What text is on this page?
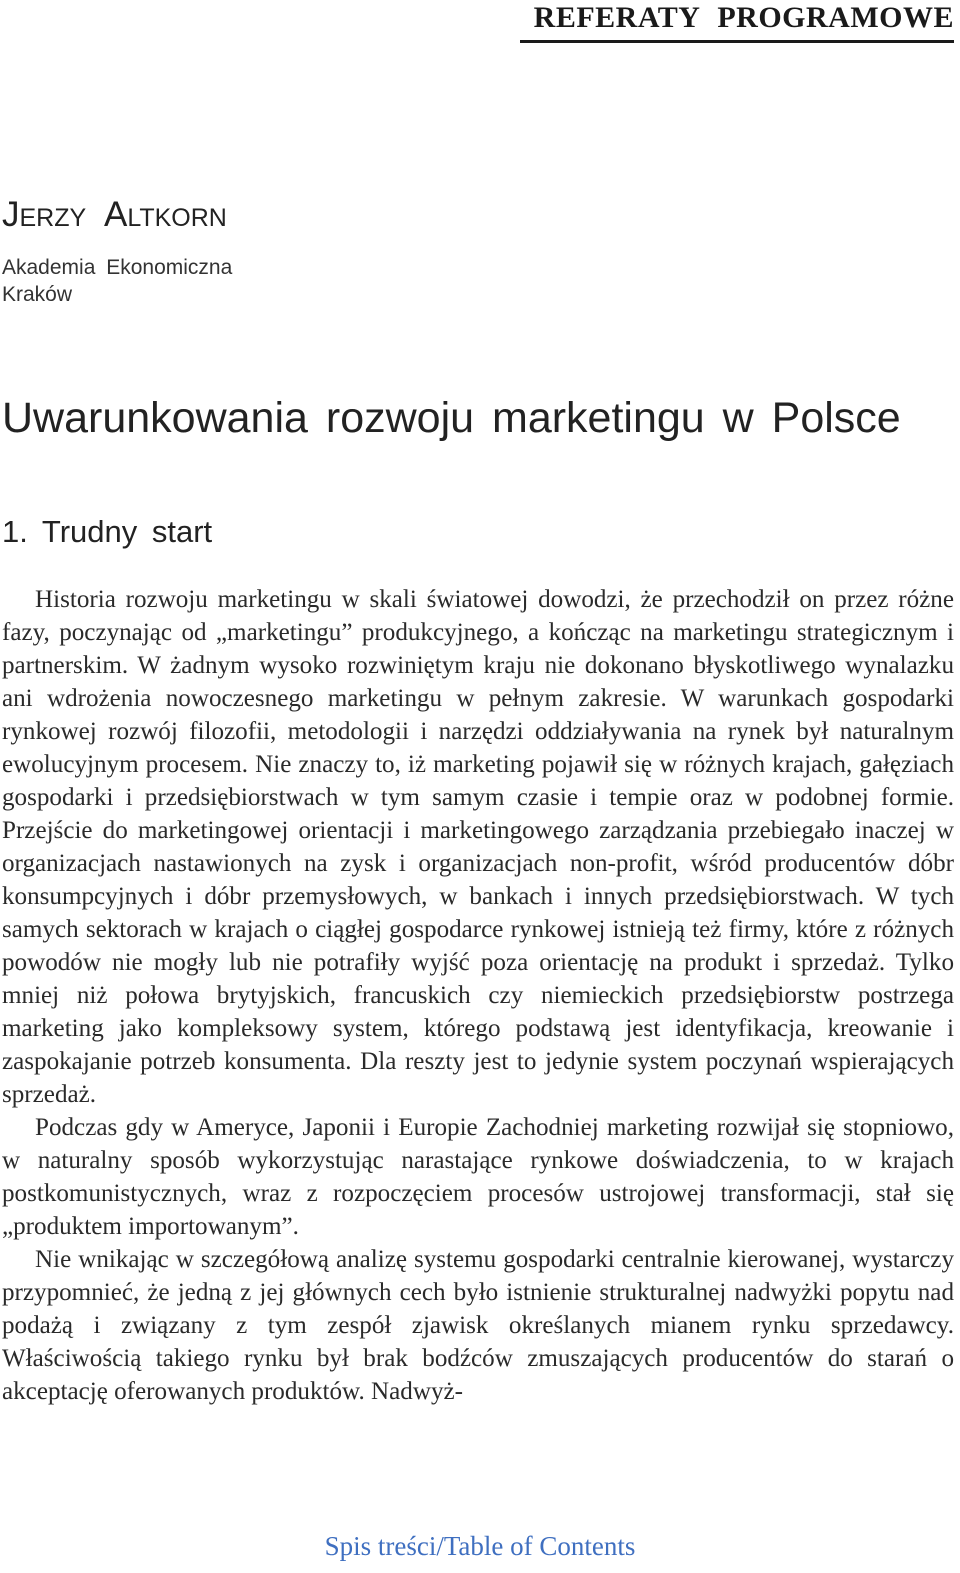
REFERATY PROGRAMOWE
Jerzy Altkorn
Akademia Ekonomiczna
Kraków
Uwarunkowania rozwoju marketingu w Polsce
1. Trudny start

Historia rozwoju marketingu w skali światowej dowodzi, że przechodził on przez różne fazy, poczynając od „marketingu” produkcyjnego, a kończąc na marketingu strategicznym i partnerskim. W żadnym wysoko rozwiniętym kraju nie dokonano błyskotliwego wynalazku ani wdrożenia nowoczesnego marketingu w pełnym zakresie. W warunkach gospodarki rynkowej rozwój filozofii, metodologii i narzędzi oddziaływania na rynek był naturalnym ewolucyjnym procesem. Nie znaczy to, iż marketing pojawił się w różnych krajach, gałęziach gospodarki i przedsiębiorstwach w tym samym czasie i tempie oraz w podobnej formie. Przejście do marketingowej orientacji i marketingowego zarządzania przebiegało inaczej w organizacjach nastawionych na zysk i organizacjach non-profit, wśród producentów dóbr konsumpcyjnych i dóbr przemysłowych, w bankach i innych przedsiębiorstwach. W tych samych sektorach w krajach o ciągłej gospodarce rynkowej istnieją też firmy, które z różnych powodów nie mogły lub nie potrafiły wyjść poza orientację na produkt i sprzedaż. Tylko mniej niż połowa brytyjskich, francuskich czy niemieckich przedsiębiorstw postrzega marketing jako kompleksowy system, którego podstawą jest identyfikacja, kreowanie i zaspokajanie potrzeb konsumenta. Dla reszty jest to jedynie system poczynań wspierających sprzedaż.

Podczas gdy w Ameryce, Japonii i Europie Zachodniej marketing rozwijał się stopniowo, w naturalny sposób wykorzystując narastające rynkowe doświadczenia, to w krajach postkomunistycznych, wraz z rozpoczęciem procesów ustrojowej transformacji, stał się „produktem importowanym”.

Nie wnikając w szczegółową analizę systemu gospodarki centralnie kierowanej, wystarczy przypomnieć, że jedną z jej głównych cech było istnienie strukturalnej nadwyżki popytu nad podażą i związany z tym zespół zjawisk określanych mianem rynku sprzedawcy. Właściwością takiego rynku był brak bodźców zmuszających producentów do starań o akceptację oferowanych produktów. Nadwyż-

Spis treści/Table of Contents
